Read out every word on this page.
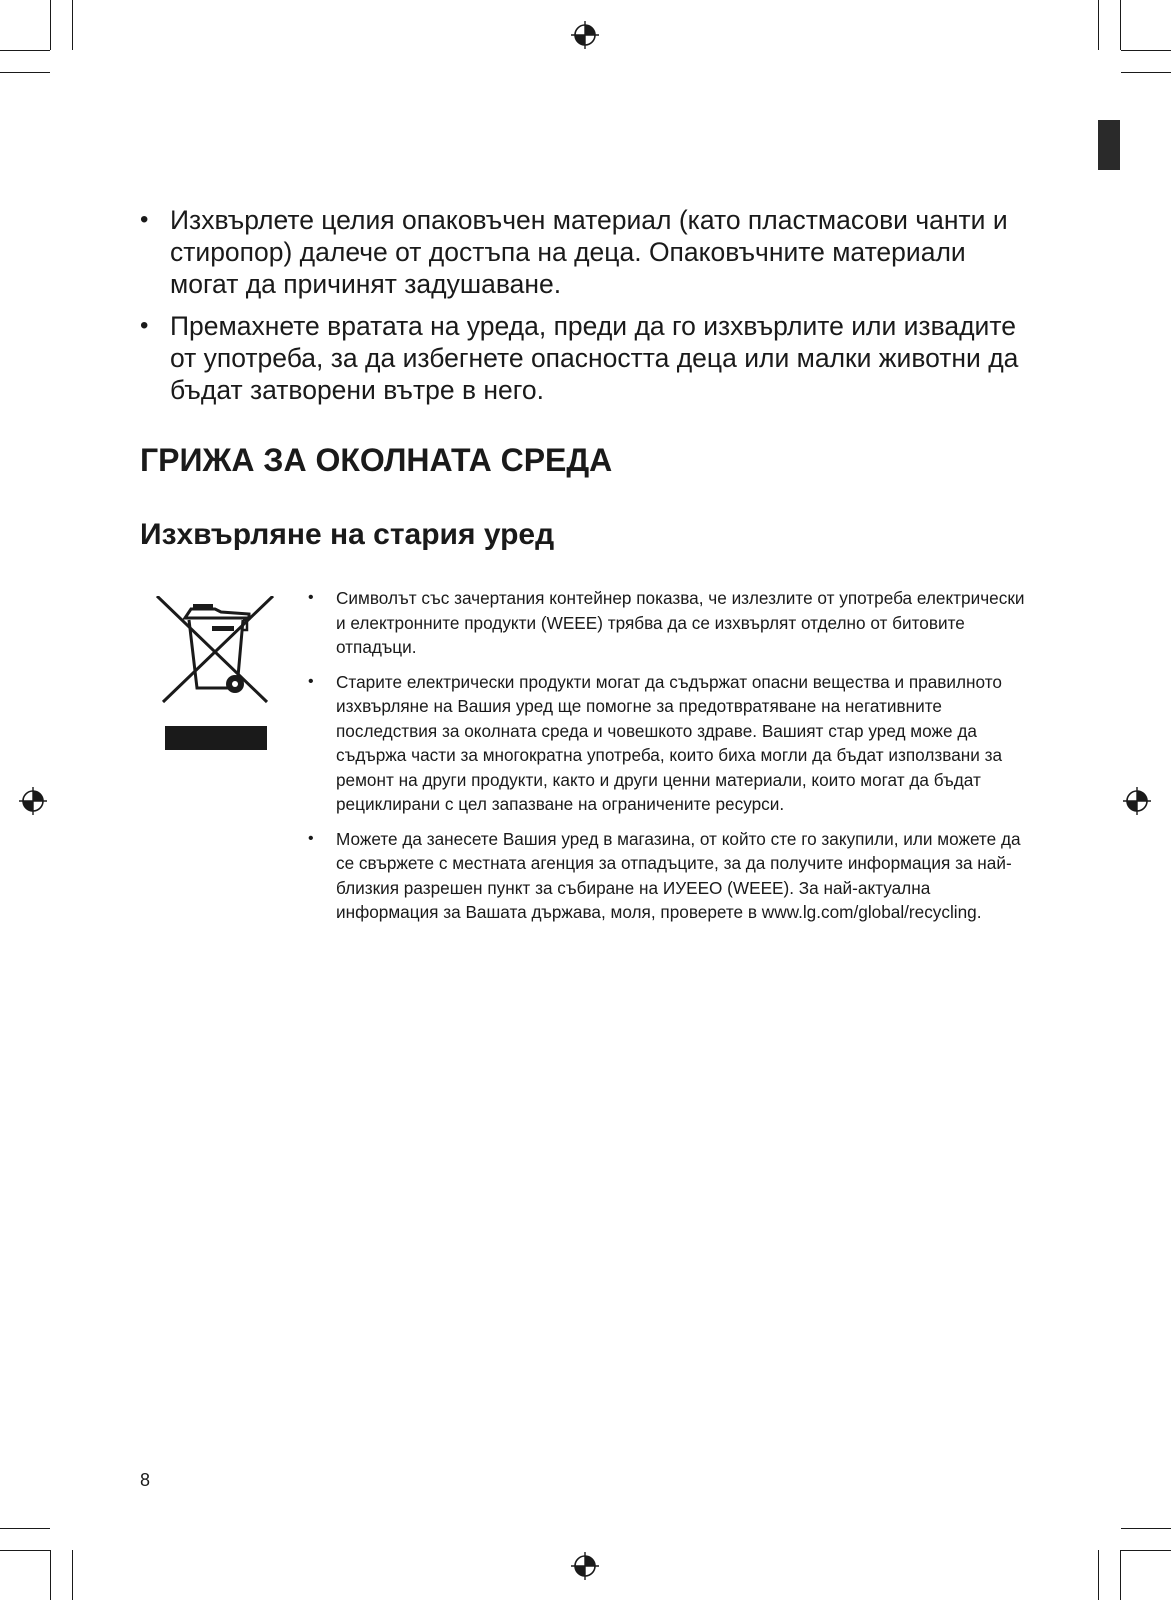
• Изхвърлете целия опаковъчен материал (като пластмасови чанти и стиропор) далече от достъпа на деца. Опаковъчните материали могат да причинят задушаване.
• Премахнете вратата на уреда, преди да го изхвърлите или извадите от употреба, за да избегнете опасността деца или малки животни да бъдат затворени вътре в него.
ГРИЖА ЗА ОКОЛНАТА СРЕДА
Изхвърляне на стария уред
• Символът със зачертания контейнер показва, че излезлите от употреба електрически и електронните продукти (WEEE) трябва да се изхвърлят отделно от битовите отпадъци.
• Старите електрически продукти могат да съдържат опасни вещества и правилното изхвърляне на Вашия уред ще помогне за предотвратяване на негативните последствия за околната среда и човешкото здраве. Вашият стар уред може да съдържа части за многократна употреба, които биха могли да бъдат използвани за ремонт на други продукти, както и други ценни материали, които могат да бъдат рециклирани с цел запазване на ограничените ресурси.
• Можете да занесете Вашия уред в магазина, от който сте го закупили, или можете да се свържете с местната агенция за отпадъците, за да получите информация за най-близкия разрешен пункт за събиране на ИУЕЕО (WEEE). За най-актуална информация за Вашата държава, моля, проверете в www.lg.com/global/recycling.
8
